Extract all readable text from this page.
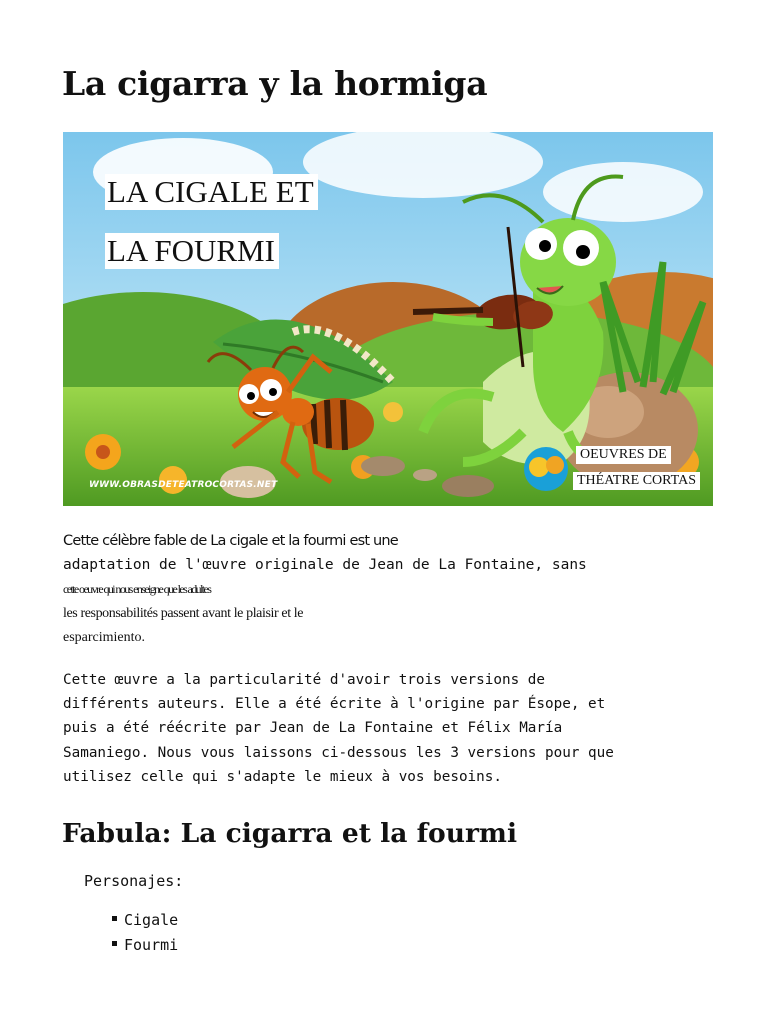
La cigarra y la hormiga
LA CIGALE ET
LA FOURMI
OEUVRES DE
THÉATRE CORTAS
WWW.OBRASDETEATROCORTAS.NET
Cette célèbre fable de La cigale et la fourmi est une
adaptation de l'œuvre originale de Jean de La Fontaine, sans
cette oeuvre qui nous enseigne que les adultes
les responsabilités passent avant le plaisir et le
esparcimiento.
Cette œuvre a la particularité d'avoir trois versions de
différents auteurs. Elle a été écrite à l'origine par Ésope, et
puis a été réécrite par Jean de La Fontaine et Félix María
Samaniego. Nous vous laissons ci-dessous les 3 versions pour que
utilisez celle qui s'adapte le mieux à vos besoins.
Fabula: La cigarra et la fourmi
Personajes:
Cigale
Fourmi
